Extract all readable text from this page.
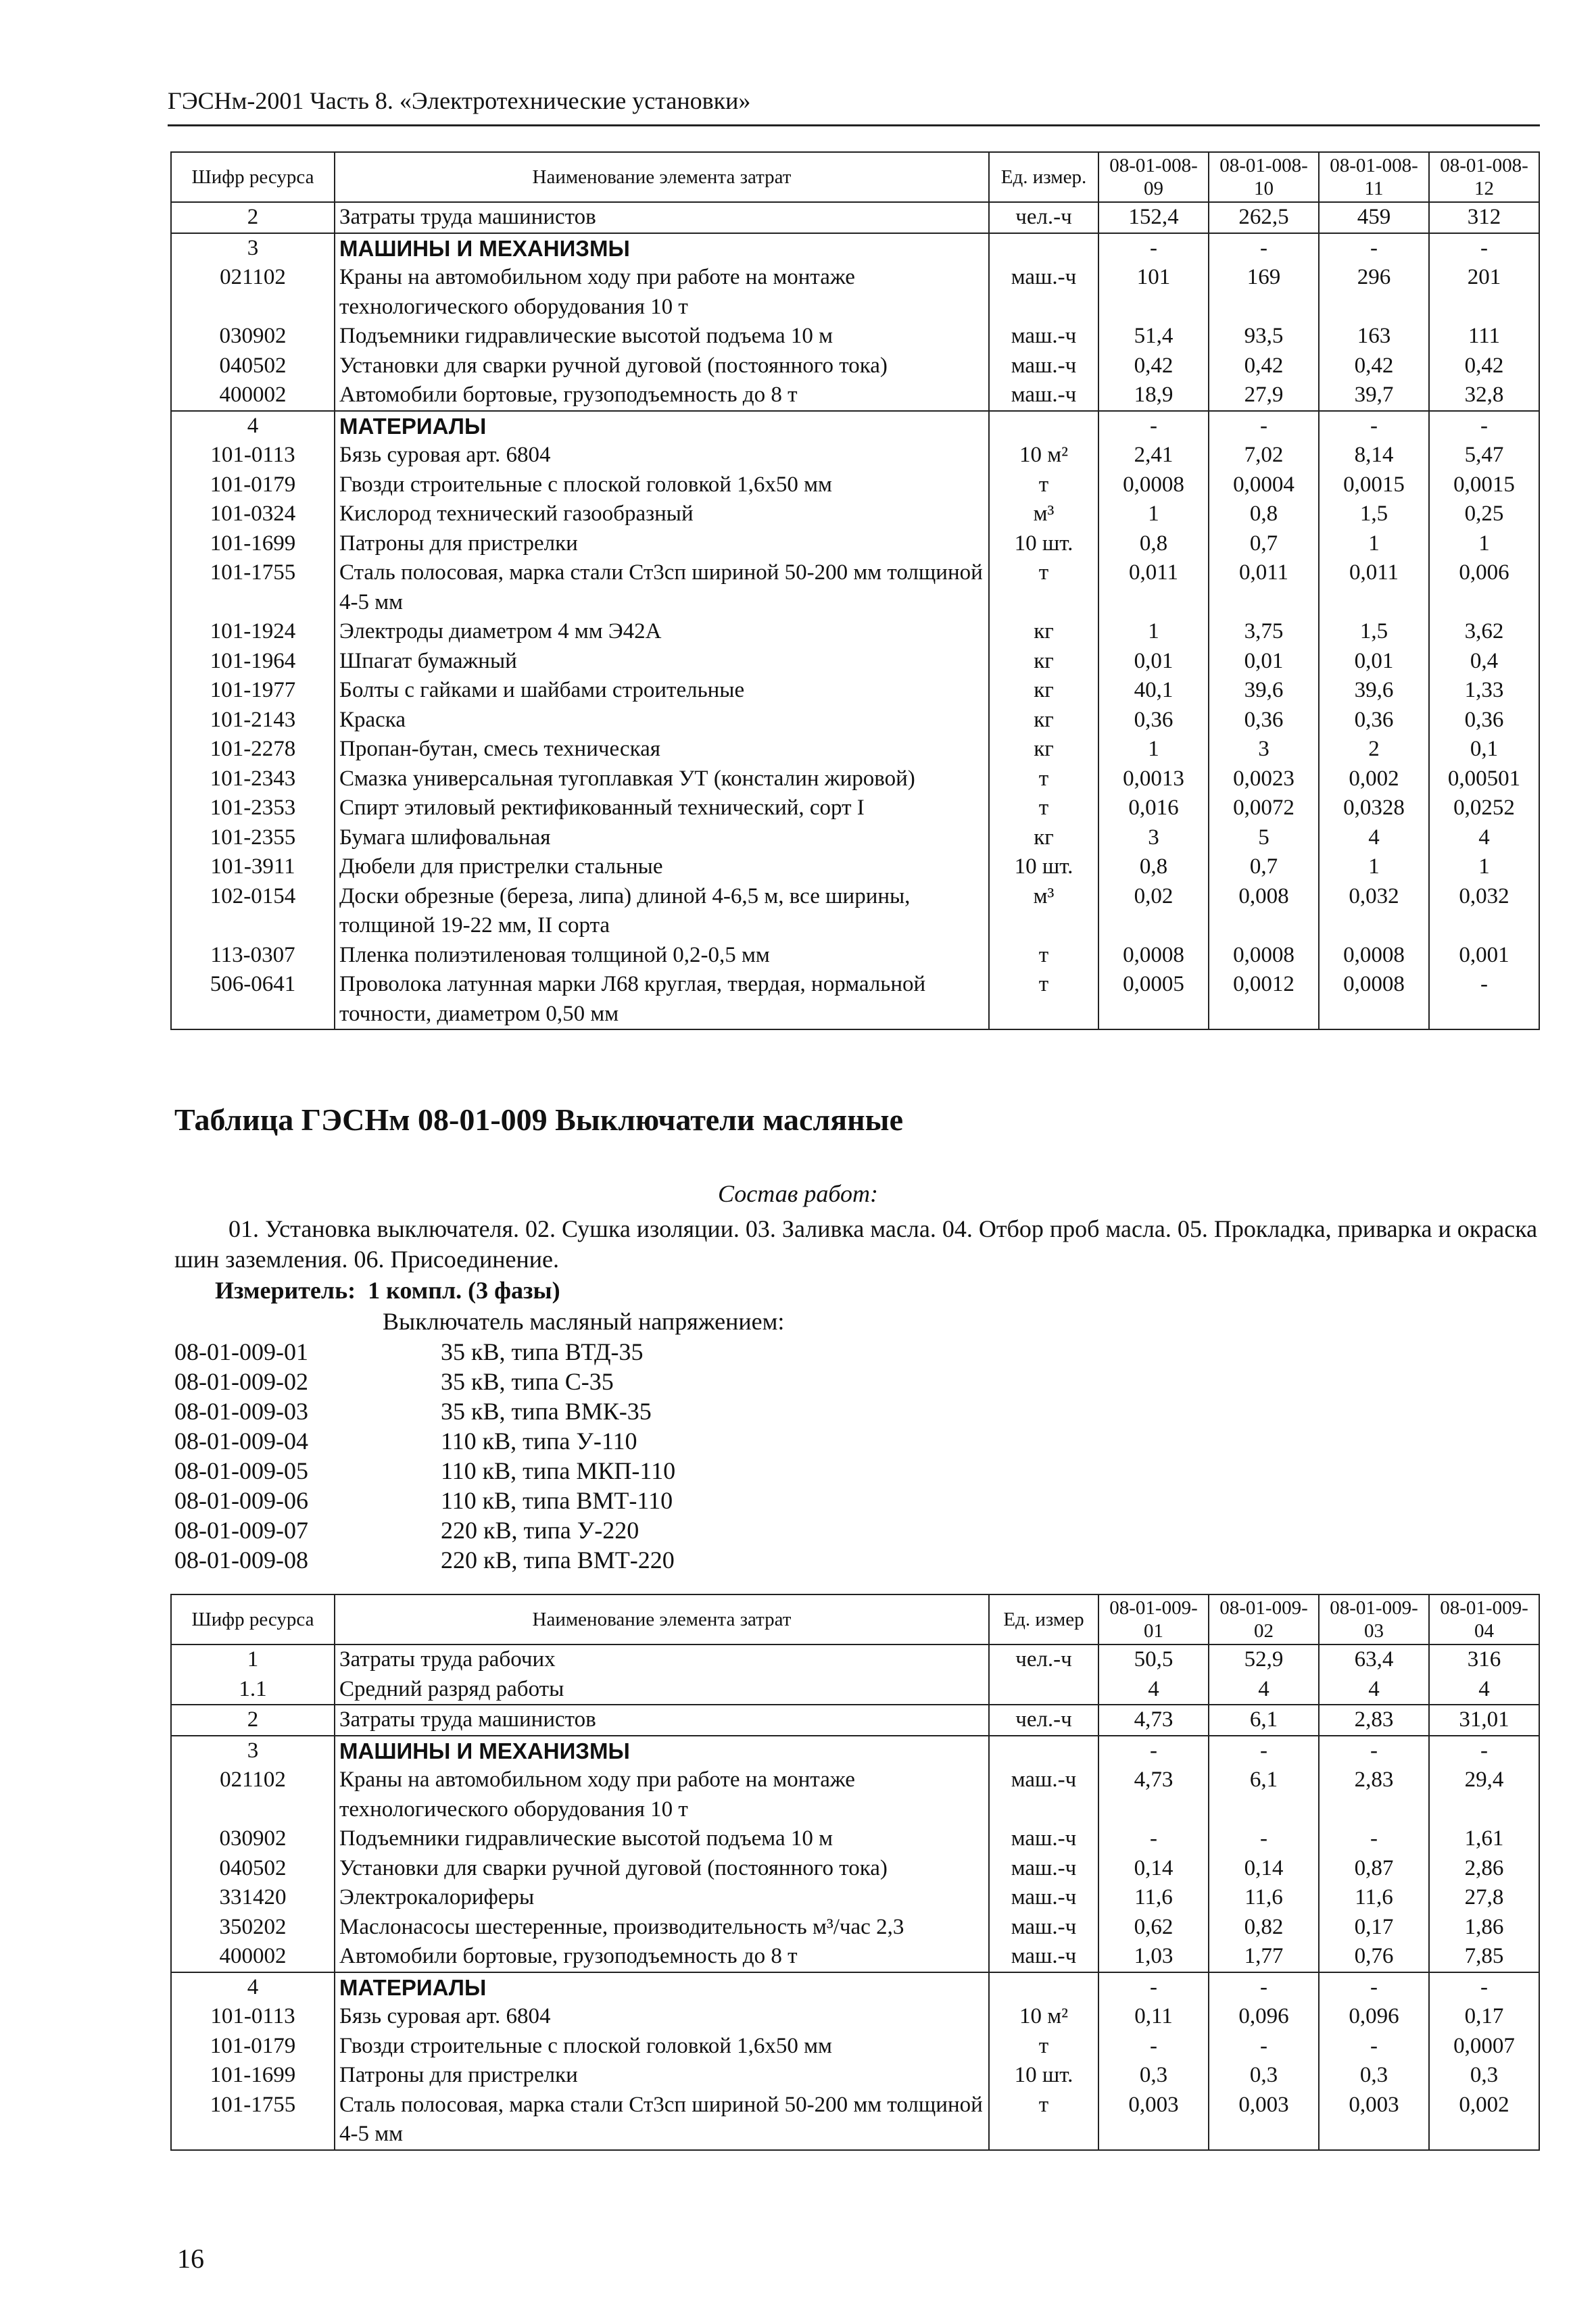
ГЭСНм-2001 Часть 8. «Электротехнические установки»
Шифр ресурса	Наименование элемента затрат	Ед. измер.	08-01-008-09	08-01-008-10	08-01-008-11	08-01-008-12
2	Затраты труда машинистов	чел.-ч	152,4	262,5	459	312
3	МАШИНЫ И МЕХАНИЗМЫ		-	-	-	-
021102	Краны на автомобильном ходу при работе на монтаже технологического оборудования 10 т	маш.-ч	101	169	296	201
030902	Подъемники гидравлические высотой подъема 10 м	маш.-ч	51,4	93,5	163	111
040502	Установки для сварки ручной дуговой (постоянного тока)	маш.-ч	0,42	0,42	0,42	0,42
400002	Автомобили бортовые, грузоподъемность до 8 т	маш.-ч	18,9	27,9	39,7	32,8
4	МАТЕРИАЛЫ		-	-	-	-
101-0113	Бязь суровая арт. 6804	10 м²	2,41	7,02	8,14	5,47
101-0179	Гвозди строительные с плоской головкой 1,6х50 мм	т	0,0008	0,0004	0,0015	0,0015
101-0324	Кислород технический газообразный	м³	1	0,8	1,5	0,25
101-1699	Патроны для пристрелки	10 шт.	0,8	0,7	1	1
101-1755	Сталь полосовая, марка стали Ст3сп шириной 50-200 мм толщиной 4-5 мм	т	0,011	0,011	0,011	0,006
101-1924	Электроды диаметром 4 мм Э42А	кг	1	3,75	1,5	3,62
101-1964	Шпагат бумажный	кг	0,01	0,01	0,01	0,4
101-1977	Болты с гайками и шайбами строительные	кг	40,1	39,6	39,6	1,33
101-2143	Краска	кг	0,36	0,36	0,36	0,36
101-2278	Пропан-бутан, смесь техническая	кг	1	3	2	0,1
101-2343	Смазка универсальная тугоплавкая УТ (консталин жировой)	т	0,0013	0,0023	0,002	0,00501
101-2353	Спирт этиловый ректификованный технический, сорт I	т	0,016	0,0072	0,0328	0,0252
101-2355	Бумага шлифовальная	кг	3	5	4	4
101-3911	Дюбели для пристрелки стальные	10 шт.	0,8	0,7	1	1
102-0154	Доски обрезные (береза, липа) длиной 4-6,5 м, все ширины, толщиной 19-22 мм, II сорта	м³	0,02	0,008	0,032	0,032
113-0307	Пленка полиэтиленовая толщиной 0,2-0,5 мм	т	0,0008	0,0008	0,0008	0,001
506-0641	Проволока латунная марки Л68 круглая, твердая, нормальной точности, диаметром 0,50 мм	т	0,0005	0,0012	0,0008	-
Таблица ГЭСНм 08-01-009 Выключатели масляные
Состав работ:
01. Установка выключателя. 02. Сушка изоляции. 03. Заливка масла. 04. Отбор проб масла. 05. Прокладка, приварка и окраска шин заземления. 06. Присоединение.
Измеритель: 1 компл. (3 фазы)
Выключатель масляный напряжением:
08-01-009-01	35 кВ, типа ВТД-35
08-01-009-02	35 кВ, типа С-35
08-01-009-03	35 кВ, типа ВМК-35
08-01-009-04	110 кВ, типа У-110
08-01-009-05	110 кВ, типа МКП-110
08-01-009-06	110 кВ, типа ВМТ-110
08-01-009-07	220 кВ, типа У-220
08-01-009-08	220 кВ, типа ВМТ-220
Шифр ресурса	Наименование элемента затрат	Ед. измер	08-01-009-01	08-01-009-02	08-01-009-03	08-01-009-04
1	Затраты труда рабочих	чел.-ч	50,5	52,9	63,4	316
1.1	Средний разряд работы		4	4	4	4
2	Затраты труда машинистов	чел.-ч	4,73	6,1	2,83	31,01
3	МАШИНЫ И МЕХАНИЗМЫ		-	-	-	-
021102	Краны на автомобильном ходу при работе на монтаже технологического оборудования 10 т	маш.-ч	4,73	6,1	2,83	29,4
030902	Подъемники гидравлические высотой подъема 10 м	маш.-ч	-	-	-	1,61
040502	Установки для сварки ручной дуговой (постоянного тока)	маш.-ч	0,14	0,14	0,87	2,86
331420	Электрокалориферы	маш.-ч	11,6	11,6	11,6	27,8
350202	Маслонасосы шестеренные, производительность м³/час 2,3	маш.-ч	0,62	0,82	0,17	1,86
400002	Автомобили бортовые, грузоподъемность до 8 т	маш.-ч	1,03	1,77	0,76	7,85
4	МАТЕРИАЛЫ		-	-	-	-
101-0113	Бязь суровая арт. 6804	10 м²	0,11	0,096	0,096	0,17
101-0179	Гвозди строительные с плоской головкой 1,6х50 мм	т	-	-	-	0,0007
101-1699	Патроны для пристрелки	10 шт.	0,3	0,3	0,3	0,3
101-1755	Сталь полосовая, марка стали Ст3сп шириной 50-200 мм толщиной 4-5 мм	т	0,003	0,003	0,003	0,002
16
